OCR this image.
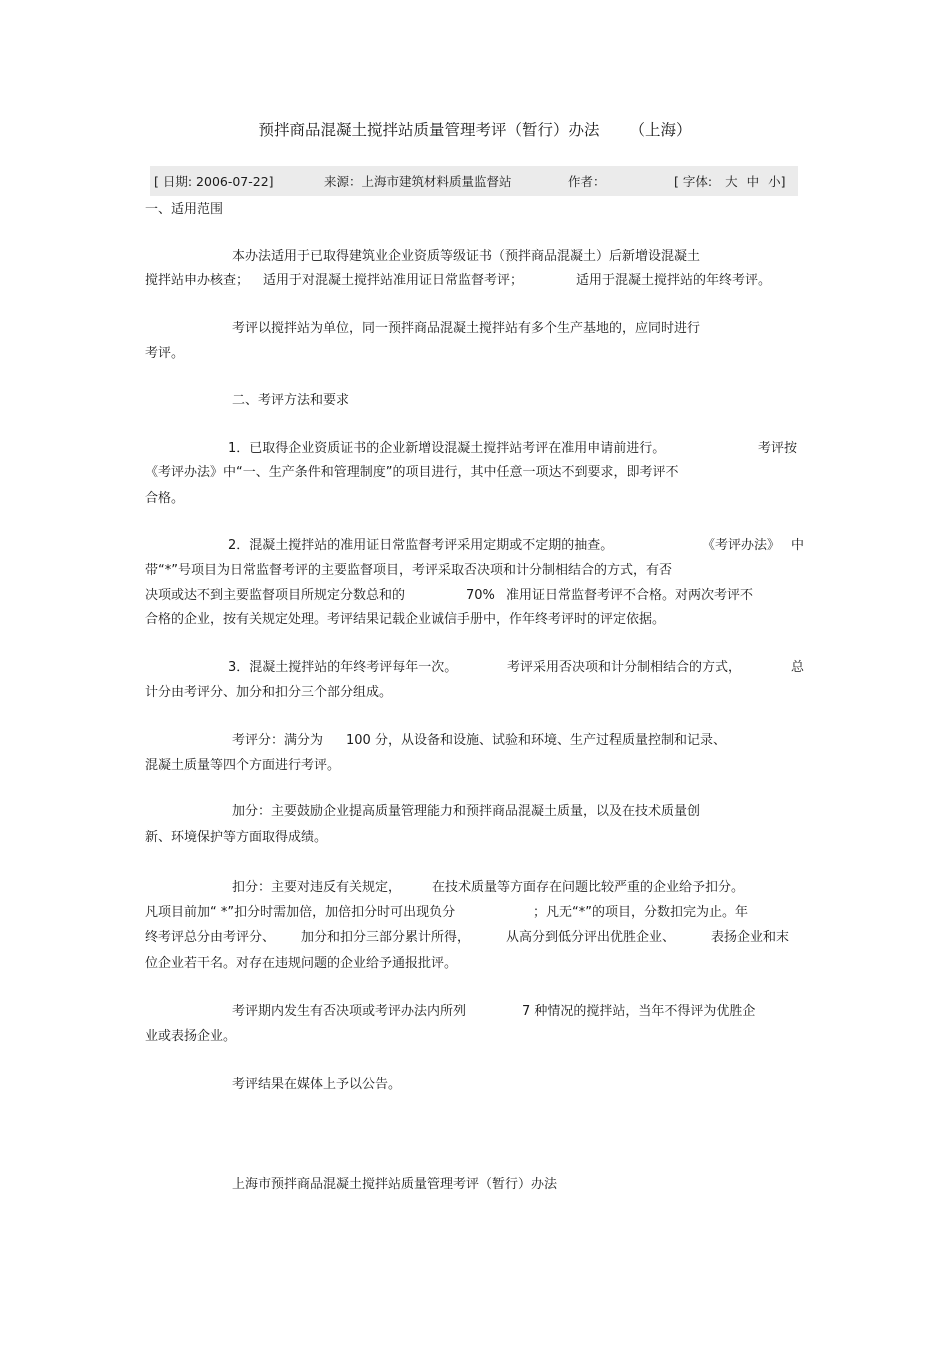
预拌商品混凝土搅拌站质量管理考评（暂行）办法 （上海）
[ 日期: 2006-07-22]	来源：上海市建筑材料质量监督站	作者：	[ 字体: 大 中 小]
一、适用范围
本办法适用于已取得建筑业企业资质等级证书（预拌商品混凝土）后新增设混凝土
搅拌站申办核查； 适用于对混凝土搅拌站准用证日常监督考评；	适用于混凝土搅拌站的年终考评。
考评以搅拌站为单位，同一预拌商品混凝土搅拌站有多个生产基地的，应同时进行
考评。
二、考评方法和要求
1．已取得企业资质证书的企业新增设混凝土搅拌站考评在准用申请前进行。	考评按
《考评办法》中“一、生产条件和管理制度”的项目进行，其中任意一项达不到要求，即考评不
合格。
2．混凝土搅拌站的准用证日常监督考评采用定期或不定期的抽查。	《考评办法》 中
带“*”号项目为日常监督考评的主要监督项目，考评采取否决项和计分制相结合的方式，有否
决项或达不到主要监督项目所规定分数总和的	70% 准用证日常监督考评不合格。对两次考评不
合格的企业，按有关规定处理。考评结果记载企业诚信手册中，作年终考评时的评定依据。
3．混凝土搅拌站的年终考评每年一次。	考评采用否决项和计分制相结合的方式，	总
计分由考评分、加分和扣分三个部分组成。
考评分：满分为 100 分，从设备和设施、试验和环境、生产过程质量控制和记录、
混凝土质量等四个方面进行考评。
加分：主要鼓励企业提高质量管理能力和预拌商品混凝土质量，以及在技术质量创
新、环境保护等方面取得成绩。
扣分：主要对违反有关规定， 在技术质量等方面存在问题比较严重的企业给予扣分。
凡项目前加“ *”扣分时需加倍，加倍扣分时可出现负分	；凡无“*”的项目，分数扣完为止。年
终考评总分由考评分、 加分和扣分三部分累计所得，	从高分到低分评出优胜企业、	表扬企业和末
位企业若干名。对存在违规问题的企业给予通报批评。
考评期内发生有否决项或考评办法内所列	7 种情况的搅拌站，当年不得评为优胜企
业或表扬企业。
考评结果在媒体上予以公告。
上海市预拌商品混凝土搅拌站质量管理考评（暂行）办法
